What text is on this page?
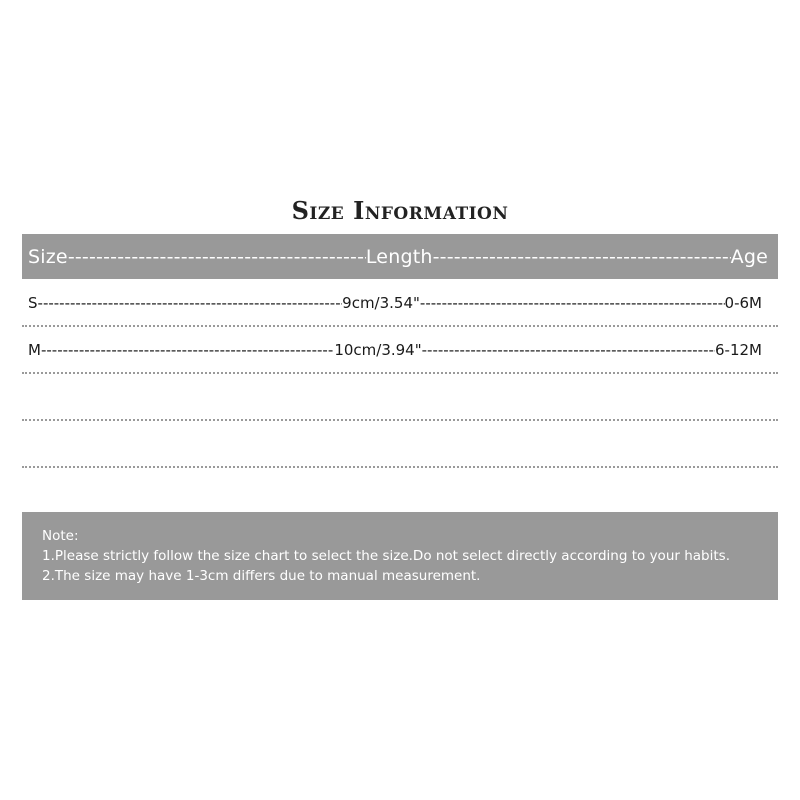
Size Information
Size -----	Length -----	Age
S -----	9cm/3.54" -----	0-6M
M -----	10cm/3.94" -----	6-12M
Note:
1.Please strictly follow the size chart to select the size.Do not select directly according to your habits.
2.The size may have 1-3cm differs due to manual measurement.
